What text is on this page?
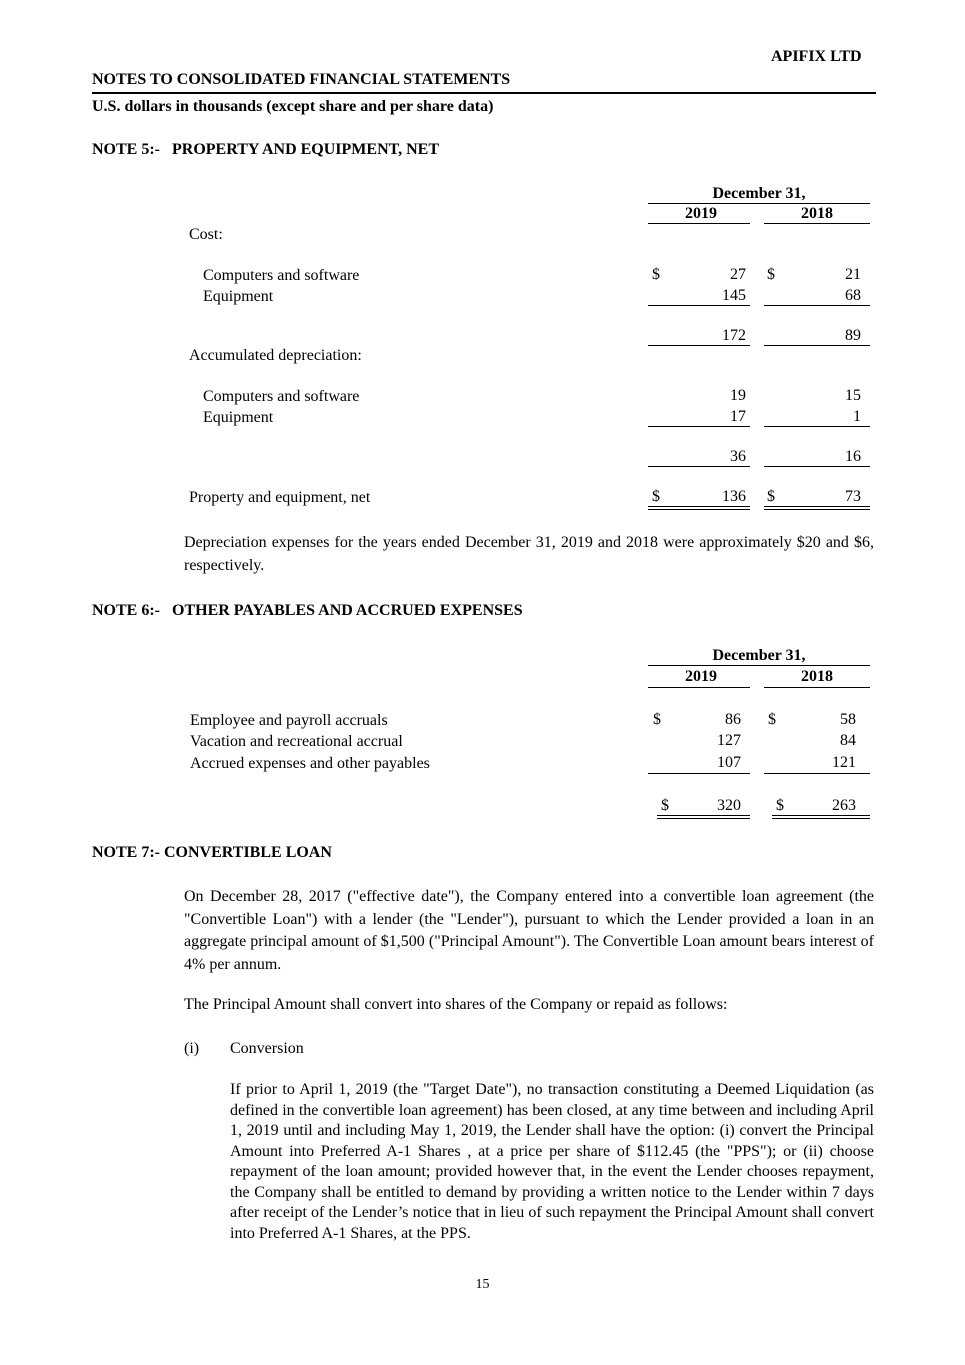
APIFIX LTD
NOTES TO CONSOLIDATED FINANCIAL STATEMENTS
U.S. dollars in thousands (except share and per share data)
NOTE 5:-   PROPERTY AND EQUIPMENT, NET
December 31,
2019	2018
Cost:
Computers and software	$	27 $	21
Equipment	145	68
172	89
Accumulated depreciation:
Computers and software	19	15
Equipment	17	1
36	16
Property and equipment, net	$	136 $	73
Depreciation expenses for the years ended December 31, 2019 and 2018 were approximately $20 and $6, respectively.
NOTE 6:-   OTHER PAYABLES AND ACCRUED EXPENSES
December 31,
2019	2018
Employee and payroll accruals	$	86 $	58
Vacation and recreational accrual	127	84
Accrued expenses and other payables	107	121
$	320 $	263
NOTE 7:- CONVERTIBLE LOAN
On December 28, 2017 ("effective date"), the Company entered into a convertible loan agreement (the "Convertible Loan") with a lender (the "Lender"), pursuant to which the Lender provided a loan in an aggregate principal amount of $1,500 ("Principal Amount"). The Convertible Loan amount bears interest of 4% per annum.
The Principal Amount shall convert into shares of the Company or repaid as follows:
(i) Conversion
If prior to April 1, 2019 (the "Target Date"), no transaction constituting a Deemed Liquidation (as defined in the convertible loan agreement) has been closed, at any time between and including April 1, 2019 until and including May 1, 2019, the Lender shall have the option: (i) convert the Principal Amount into Preferred A-1 Shares , at a price per share of $112.45 (the "PPS"); or (ii) choose repayment of the loan amount; provided however that, in the event the Lender chooses repayment, the Company shall be entitled to demand by providing a written notice to the Lender within 7 days after receipt of the Lender’s notice that in lieu of such repayment the Principal Amount shall convert into Preferred A-1 Shares, at the PPS.
15
